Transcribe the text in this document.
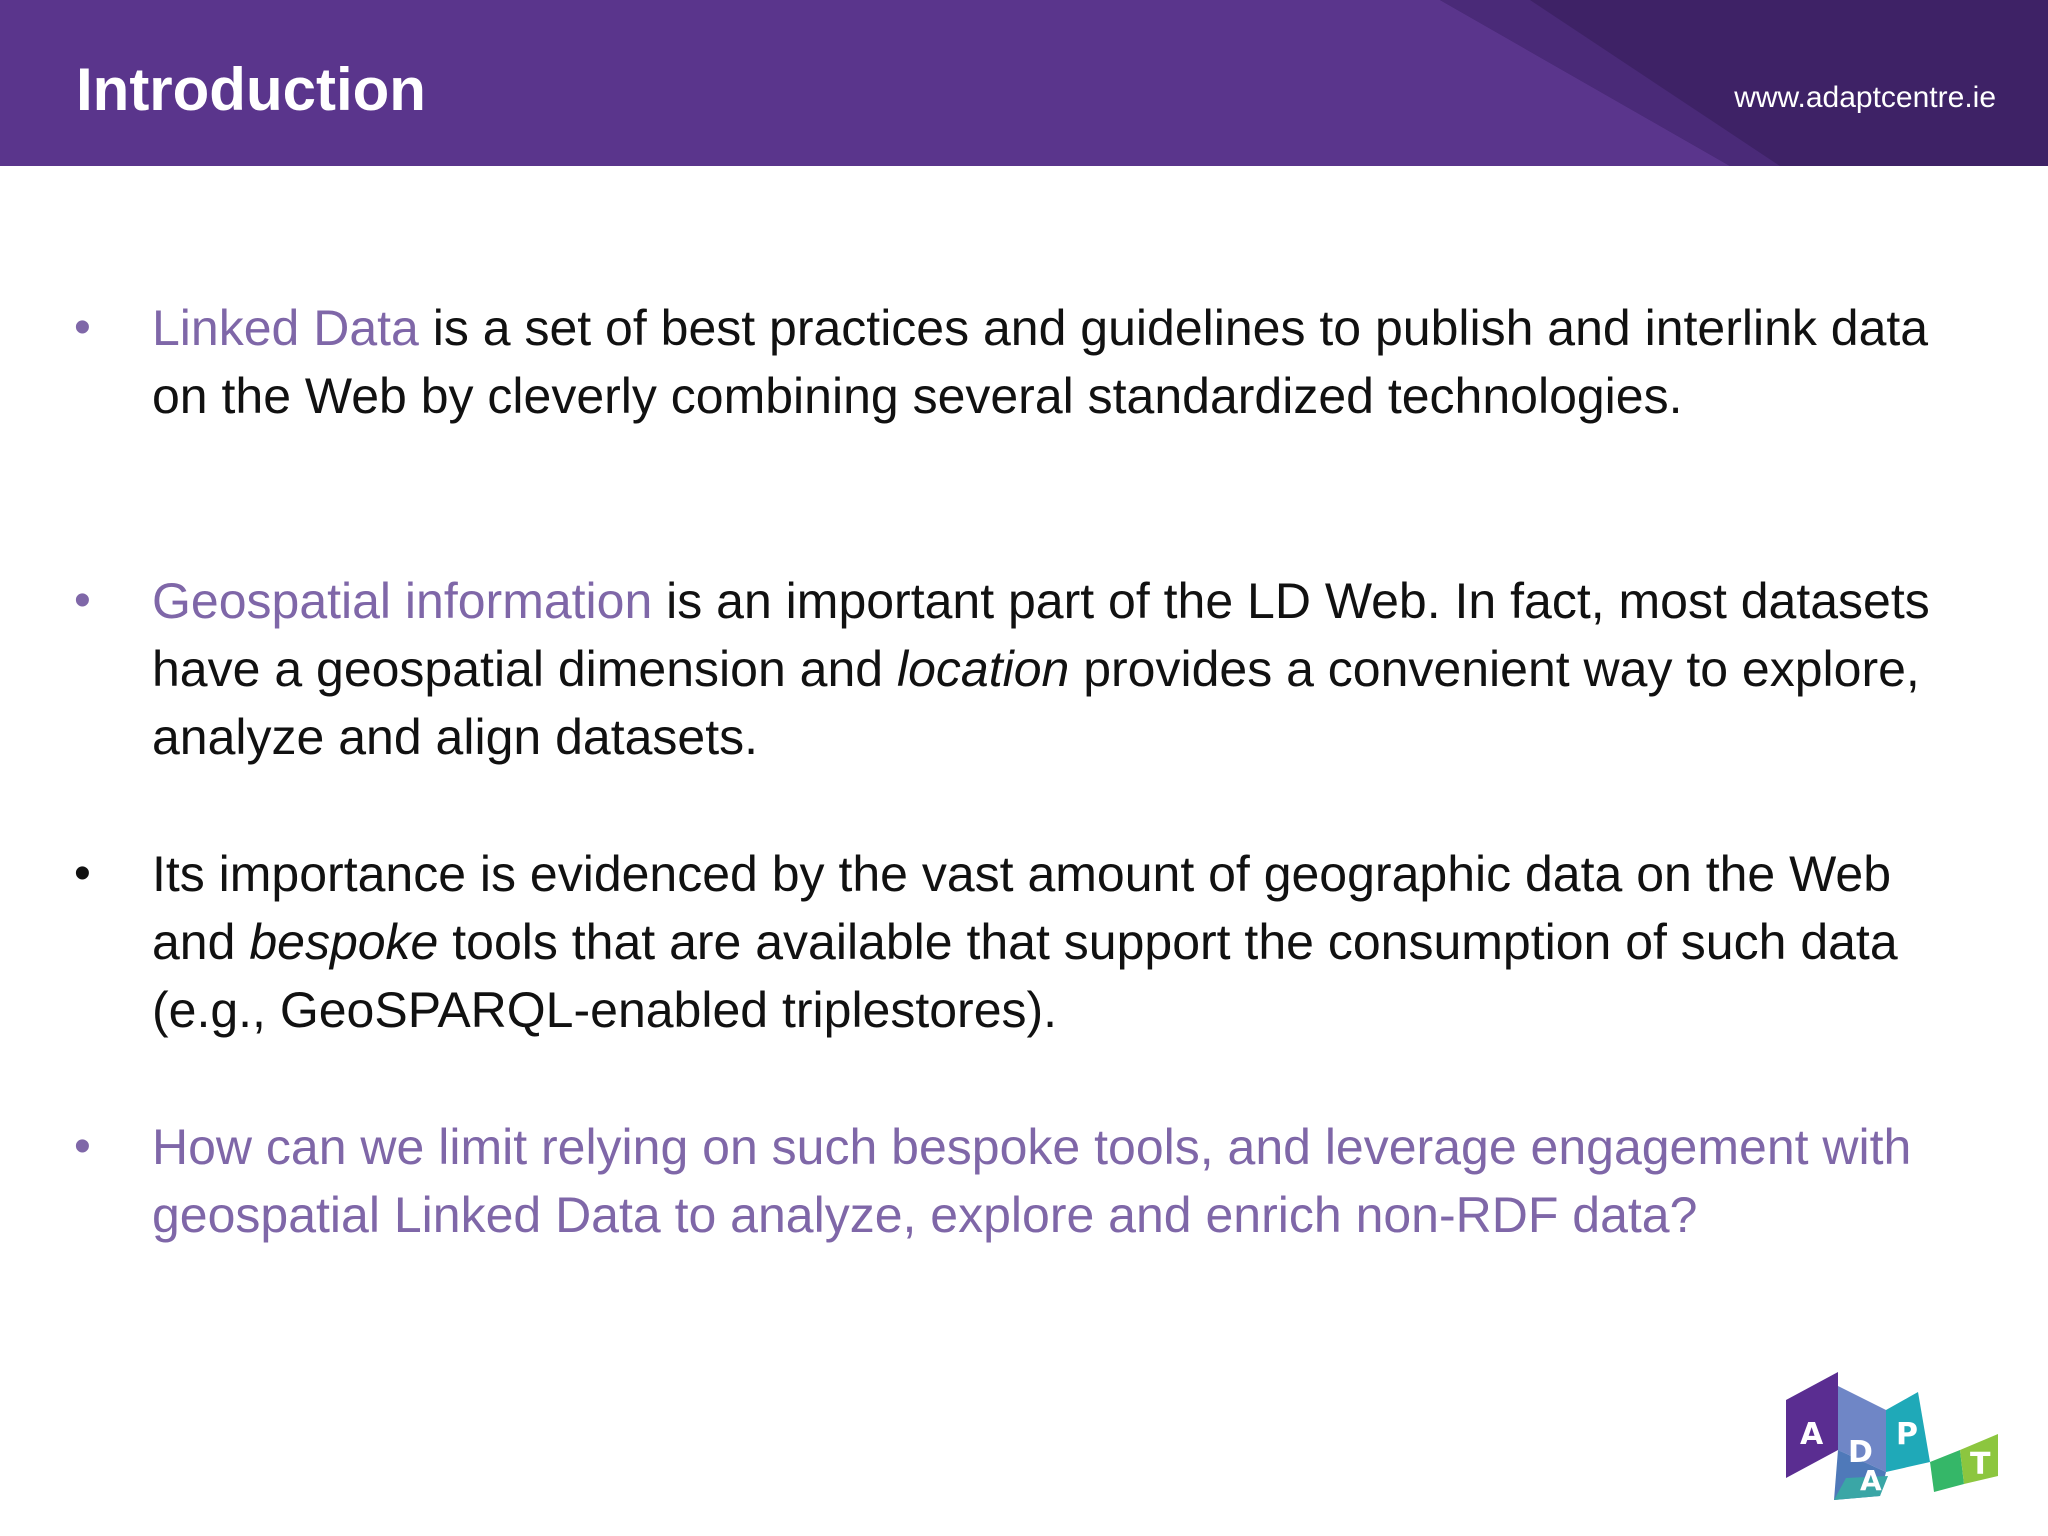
Introduction	www.adaptcentre.ie
• Linked Data is a set of best practices and guidelines to publish and interlink data on the Web by cleverly combining several standardized technologies.
• Geospatial information is an important part of the LD Web. In fact, most datasets have a geospatial dimension and location provides a convenient way to explore, analyze and align datasets.
• Its importance is evidenced by the vast amount of geographic data on the Web and bespoke tools that are available that support the consumption of such data (e.g., GeoSPARQL-enabled triplestores).
• How can we limit relying on such bespoke tools, and leverage engagement with geospatial Linked Data to analyze, explore and enrich non-RDF data?
A
D
A
P
T
